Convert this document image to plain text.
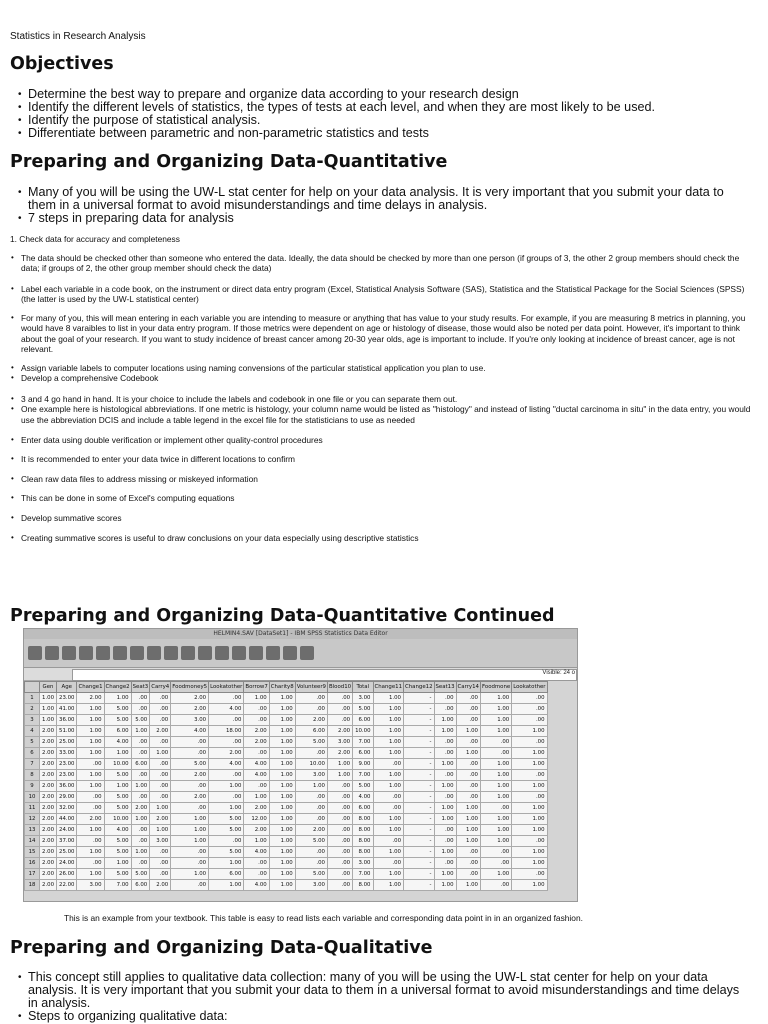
Statistics in Research Analysis
Objectives
• Determine the best way to prepare and organize data according to your research design
• Identify the different levels of statistics, the types of tests at each level, and when they are most likely to be used.
• Identify the purpose of statistical analysis.
• Differentiate between parametric and non-parametric statistics and tests
Preparing and Organizing Data-Quantitative
• Many of you will be using the UW-L stat center for help on your data analysis. It is very important that you submit your data to them in a universal format to avoid misunderstandings and time delays in analysis.
• 7 steps in preparing data for analysis
1. Check data for accuracy and completeness
• The data should be checked other than someone who entered the data. Ideally, the data should be checked by more than one person (if groups of 3, the other 2 group members should check the data; if groups of 2, the other group member should check the data)
• Label each variable in a code book, on the instrument or direct data entry program (Excel, Statistical Analysis Software (SAS), Statistica and the Statistical Package for the Social Sciences (SPSS) (the latter is used by the UW-L statistical center)
• For many of you, this will mean entering in each variable you are intending to measure or anything that has value to your study results. For example, if you are measuring 8 metrics in planning, you would have 8 varaibles to list in your data entry program. If those metrics were dependent on age or histology of disease, those would also be noted per data point. However, it's important to think about the goal of your research. If you want to study incidence of breast cancer among 20-30 year olds, age is important to include. If you're only looking at incidence of breast cancer, age is not relevant.
• Assign variable labels to computer locations using naming convensions of the particular statistical application you plan to use.
• Develop a comprehensive Codebook
• 3 and 4 go hand in hand. It is your choice to include the labels and codebook in one file or you can separate them out.
• One example here is histological abbreviations. If one metric is histology, your column name would be listed as "histology" and instead of listing "ductal carcinoma in situ" in the data entry, you would use the abbreviation DCIS and include a table legend in the excel file for the statisticians to use as needed
• Enter data using double verification or implement other quality-control procedures
• It is recommended to enter your data twice in different locations to confirm
• Clean raw data files to address missing or miskeyed information
• This can be done in some of Excel's computing equations
• Develop summative scores
• Creating summative scores is useful to draw conclusions on your data especially using descriptive statistics
Preparing and Organizing Data-Quantitative Continued
HELMIN4.SAV [DataSet1] - IBM SPSS Statistics Data Editor
Visible: 24 o
	Gen	Age	Change1	Change2	Seat3	Carry4	Foodmoney5	Lookatother	Borrow7	Charity8	Volunteer9	Blood10	Total	Change11	Change12	Seat13	Carry14	Foodmone	Lookatother
1	1.00	23.00	2.00	1.00	.00	.00	2.00	.00	1.00	1.00	.00	.00	3.00	1.00	-	.00	.00	1.00	.00
2	1.00	41.00	1.00	5.00	.00	.00	2.00	4.00	.00	1.00	.00	.00	5.00	1.00	-	.00	.00	1.00	.00
3	1.00	36.00	1.00	5.00	5.00	.00	3.00	.00	.00	1.00	2.00	.00	6.00	1.00	-	1.00	.00	1.00	.00
4	2.00	51.00	1.00	6.00	1.00	2.00	4.00	18.00	2.00	1.00	6.00	2.00	10.00	1.00	-	1.00	1.00	1.00	1.00
5	2.00	25.00	1.00	4.00	.00	.00	.00	.00	2.00	1.00	5.00	3.00	7.00	1.00	-	.00	.00	.00	.00
6	2.00	33.00	1.00	1.00	.00	1.00	.00	2.00	.00	1.00	.00	2.00	6.00	1.00	-	.00	1.00	.00	1.00
7	2.00	23.00	.00	10.00	6.00	.00	5.00	4.00	4.00	1.00	10.00	1.00	9.00	.00	-	1.00	.00	1.00	1.00
8	2.00	23.00	1.00	5.00	.00	.00	2.00	.00	4.00	1.00	3.00	1.00	7.00	1.00	-	.00	.00	1.00	.00
9	2.00	36.00	1.00	1.00	1.00	.00	.00	1.00	.00	1.00	1.00	.00	5.00	1.00	-	1.00	.00	1.00	1.00
10	2.00	29.00	.00	5.00	.00	.00	2.00	.00	1.00	1.00	.00	.00	4.00	.00	-	.00	.00	1.00	.00
11	2.00	32.00	.00	5.00	2.00	1.00	.00	1.00	2.00	1.00	.00	.00	6.00	.00	-	1.00	1.00	.00	1.00
12	2.00	44.00	2.00	10.00	1.00	2.00	1.00	5.00	12.00	1.00	.00	.00	8.00	1.00	-	1.00	1.00	1.00	1.00
13	2.00	24.00	1.00	4.00	.00	1.00	1.00	5.00	2.00	1.00	2.00	.00	8.00	1.00	-	.00	1.00	1.00	1.00
14	2.00	37.00	.00	5.00	.00	3.00	1.00	.00	1.00	1.00	5.00	.00	8.00	.00	-	.00	1.00	1.00	.00
15	2.00	25.00	1.00	5.00	1.00	.00	.00	5.00	4.00	1.00	.00	.00	8.00	1.00	-	1.00	.00	.00	1.00
16	2.00	24.00	.00	1.00	.00	.00	.00	1.00	.00	1.00	.00	.00	3.00	.00	-	.00	.00	.00	1.00
17	2.00	26.00	1.00	5.00	5.00	.00	1.00	6.00	.00	1.00	5.00	.00	7.00	1.00	-	1.00	.00	1.00	.00
18	2.00	22.00	3.00	7.00	6.00	2.00	.00	1.00	4.00	1.00	3.00	.00	8.00	1.00	-	1.00	1.00	.00	1.00
This is an example from your textbook. This table is easy to read lists each variable and corresponding data point in in an organized fashion.
Preparing and Organizing Data-Qualitative
• This concept still applies to qualitative data collection: many of you will be using the UW-L stat center for help on your data analysis. It is very important that you submit your data to them in a universal format to avoid misunderstandings and time delays in analysis.
• Steps to organizing qualitative data:
